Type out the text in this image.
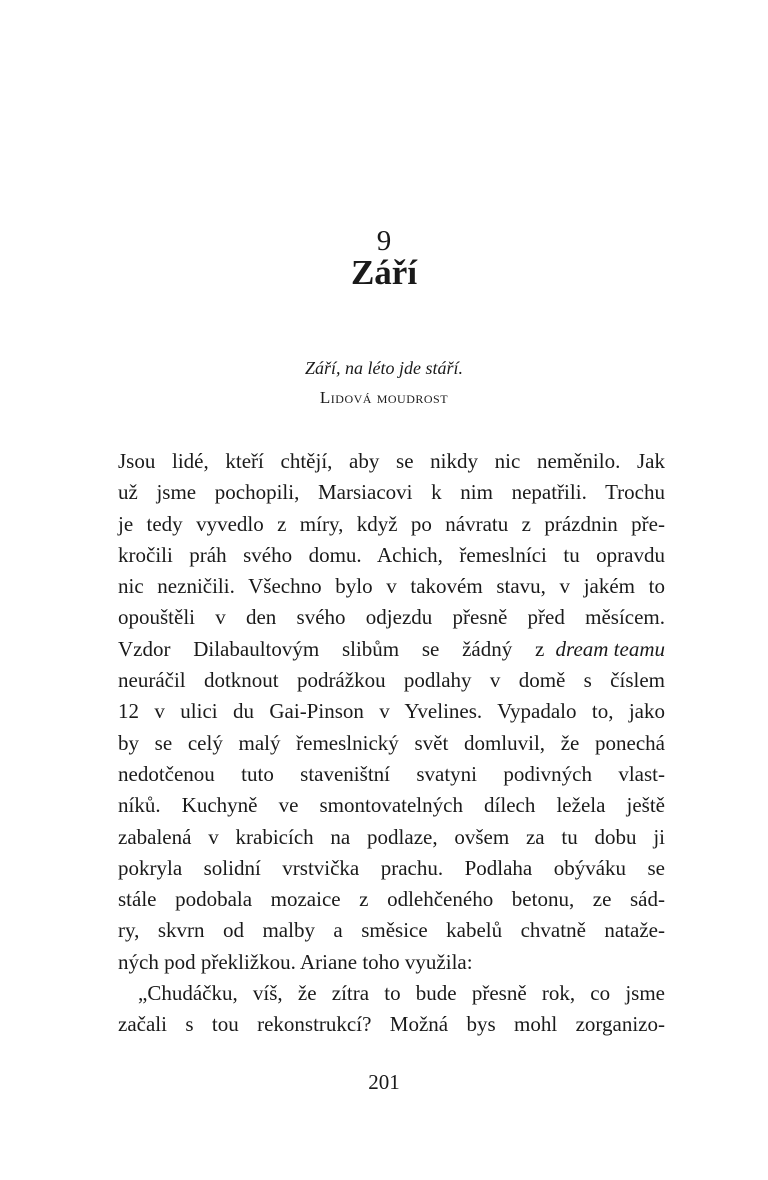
9
Září
Září, na léto jde stáří.
Lidová moudrost
Jsou lidé, kteří chtějí, aby se nikdy nic neměnilo. Jak
už jsme pochopili, Marsiacovi k nim nepatřili. Trochu
je tedy vyvedlo z míry, když po návratu z prázdnin pře-
kročili práh svého domu. Achich, řemeslníci tu opravdu
nic nezničili. Všechno bylo v takovém stavu, v jakém to
opouštěli v den svého odjezdu přesně před měsícem.
Vzdor Dilabaultovým slibům se žádný z dream teamu
neuráčil dotknout podrážkou podlahy v domě s číslem
12 v ulici du Gai-Pinson v Yvelines. Vypadalo to, jako
by se celý malý řemeslnický svět domluvil, že ponechá
nedotčenou tuto staveništní svatyni podivných vlast-
níků. Kuchyně ve smontovatelných dílech ležela ještě
zabalená v krabicích na podlaze, ovšem za tu dobu ji
pokryla solidní vrstvička prachu. Podlaha obýváku se
stále podobala mozaice z odlehčeného betonu, ze sád-
ry, skvrn od malby a směsice kabelů chvatně nataže-
ných pod překližkou. Ariane toho využila:
„Chudáčku, víš, že zítra to bude přesně rok, co jsme
začali s tou rekonstrukcí? Možná bys mohl zorganizo-
201
